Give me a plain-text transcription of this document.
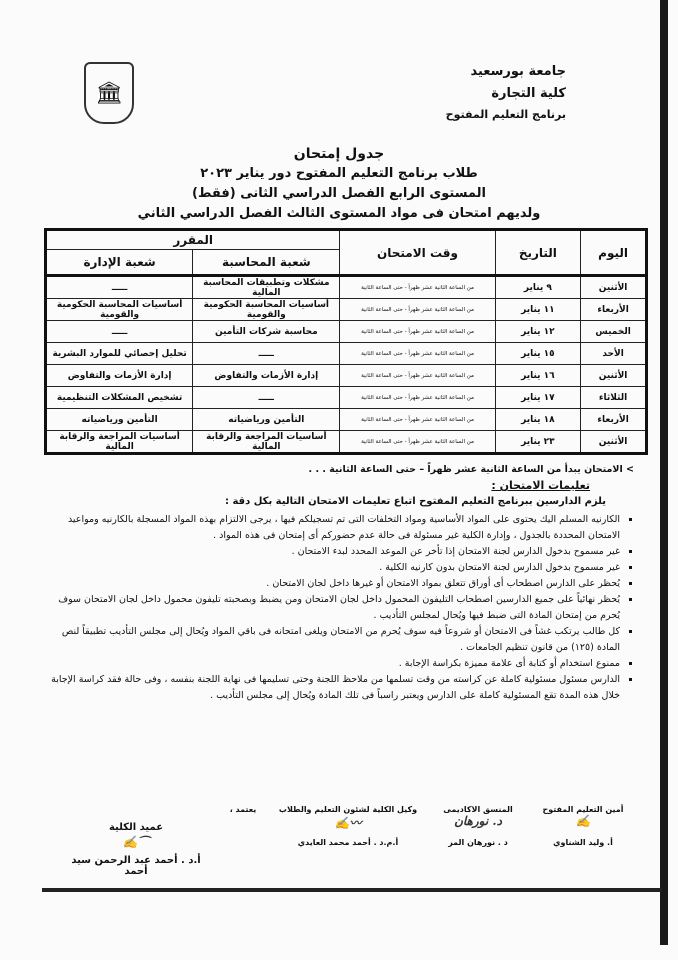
جامعة بورسعيد
كلية التجارة
برنامج التعليم المفتوح
🏛
جدول إمتحان
طلاب برنامج التعليم المفتوح دور يناير ٢٠٢٣
المستوى الرابع الفصل الدراسي الثانى (فقط)
ولديهم امتحان فى مواد المستوى الثالث الفصل الدراسي الثاني
اليوم	التاريخ	وقت الامتحان	المقرر	
			شعبة المحاسبة	شعبة الإدارة
الأثنين	٩ يناير	من الساعة الثانية عشر ظهراً - حتى الساعة الثانية	مشكلات وتطبيقات المحاسبة المالية	ـــــ
الأربعاء	١١ يناير	من الساعة الثانية عشر ظهراً - حتى الساعة الثانية	أساسيات المحاسبة الحكومية والقومية	أساسيات المحاسبة الحكومية والقومية
الخميس	١٢ يناير	من الساعة الثانية عشر ظهراً - حتى الساعة الثانية	محاسبة شركات التأمين	ـــــ
الأحد	١٥ يناير	من الساعة الثانية عشر ظهراً - حتى الساعة الثانية	ـــــ	تحليل إحصائي للموارد البشرية
الأثنين	١٦ يناير	من الساعة الثانية عشر ظهراً - حتى الساعة الثانية	إدارة الأزمات والتفاوض	إدارة الأزمات والتفاوض
الثلاثاء	١٧ يناير	من الساعة الثانية عشر ظهراً - حتى الساعة الثانية	ـــــ	تشخيص المشكلات التنظيمية
الأربعاء	١٨ يناير	من الساعة الثانية عشر ظهراً - حتى الساعة الثانية	التأمين ورياضياته	التأمين ورياضياته
الأثنين	٢٣ يناير	من الساعة الثانية عشر ظهراً - حتى الساعة الثانية	أساسيات المراجعة والرقابة المالية	أساسيات المراجعة والرقابة المالية
> الامتحان يبدأ من الساعة الثانية عشر ظهراً – حتى الساعة الثانية . . .
تعليمات الامتحان :
يلزم الدارسين ببرنامج التعليم المفتوح اتباع تعليمات الامتحان التالية بكل دقة :
▪ الكارنيه المسلم اليك يحتوى على المواد الأساسية ومواد التخلفات التى تم تسجيلكم فيها ، يرجى الالتزام بهذه المواد المسجلة بالكارنيه ومواعيد الامتحان المحددة بالجدول ، وإدارة الكلية غير مسئولة فى حالة عدم حضوركم أى إمتحان فى هذه المواد .
▪ غير مسموح بدخول الدارس لجنة الامتحان إذا تأخر عن الموعد المحدد لبدء الامتحان .
▪ غير مسموح بدخول الدارس لجنة الامتحان بدون كارنيه الكلية .
▪ يُحظر على الدارس اصطحاب أى أوراق تتعلق بمواد الامتحان أو غيرها داخل لجان الامتحان .
▪ يُحظر نهائياً على جميع الدارسين اصطحاب التليفون المحمول داخل لجان الامتحان ومن يضبط وبصحبته تليفون محمول داخل لجان الامتحان سوف يُحرم من إمتحان المادة التى ضبط فيها ويُحال لمجلس التأديب .
▪ كل طالب يرتكب غشاً فى الامتحان أو شروعاً فيه سوف يُحرم من الامتحان ويلغى امتحانه فى باقي المواد ويُحال إلى مجلس التأديب تطبيقاً لنص المادة (١٢٥) من قانون تنظيم الجامعات .
▪ ممنوع استخدام أو كتابة أى علامة مميزة بكراسة الإجابة .
▪ الدارس مسئول مسئولية كاملة عن كراسته من وقت تسلمها من ملاحظ اللجنة وحتى تسليمها فى نهاية اللجنة بنفسه ، وفى حالة فقد كراسة الإجابة خلال هذه المدة تقع المسئولية كاملة على الدارس ويعتبر راسباً فى تلك المادة ويُحال إلى مجلس التأديب .
أمين التعليم المفتوح
✍
أ. وليد الشناوي
المنسق الاكاديمى
د. نورهان
د . نورهان المر
وكيل الكلية لشئون التعليم والطلاب
〰✍
أ.م.د . أحمد محمد العايدي
يعتمد ،
عميد الكلية
⌒✍
أ.د . أحمد عبد الرحمن سيد أحمد
